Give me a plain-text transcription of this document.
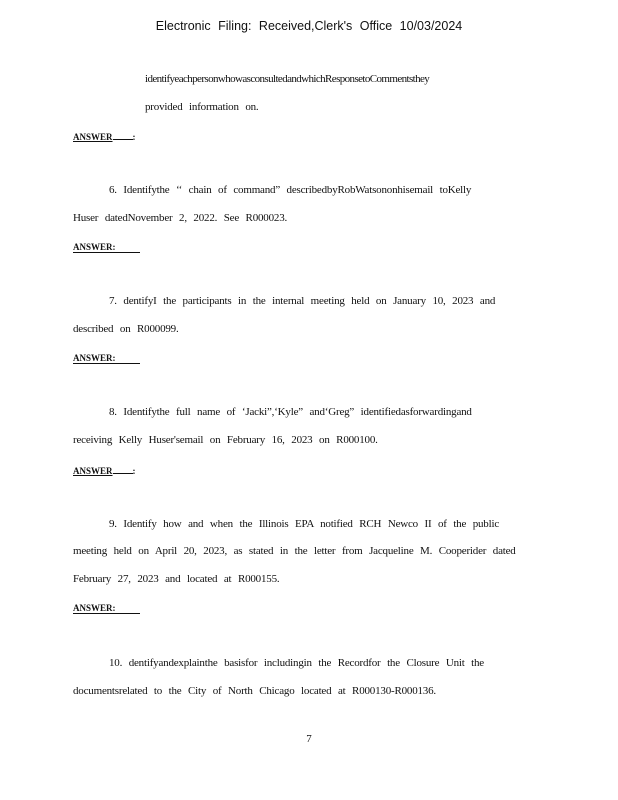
Electronic Filing: Received,Clerk's Office 10/03/2024
identifyeachpersonwhowasconsultedandwhichResponsetoCommentsthey
provided information on.
ANSWER :
6. Identifythe ‘‘ chain of command” describedbyRobWatsononhisemail toKelly
Huser datedNovember 2, 2022. See R000023.
ANSWER:
7. dentifyI the participants in the internal meeting held on January 10, 2023 and
described on R000099.
ANSWER:
8. Identifythe full name of ‘Jacki”,‘Kyle” and‘Greg” identifiedasforwardingand
receiving Kelly Huser'semail on February 16, 2023 on R000100.
ANSWER :
9. Identify how and when the Illinois EPA notified RCH Newco II of the public
meeting held on April 20, 2023, as stated in the letter from Jacqueline M. Cooperider dated
February 27, 2023 and located at R000155.
ANSWER:
10. dentifyandexplainthe basisfor includingin the Recordfor the Closure Unit the
documentsrelated to the City of North Chicago located at R000130-R000136.
7
